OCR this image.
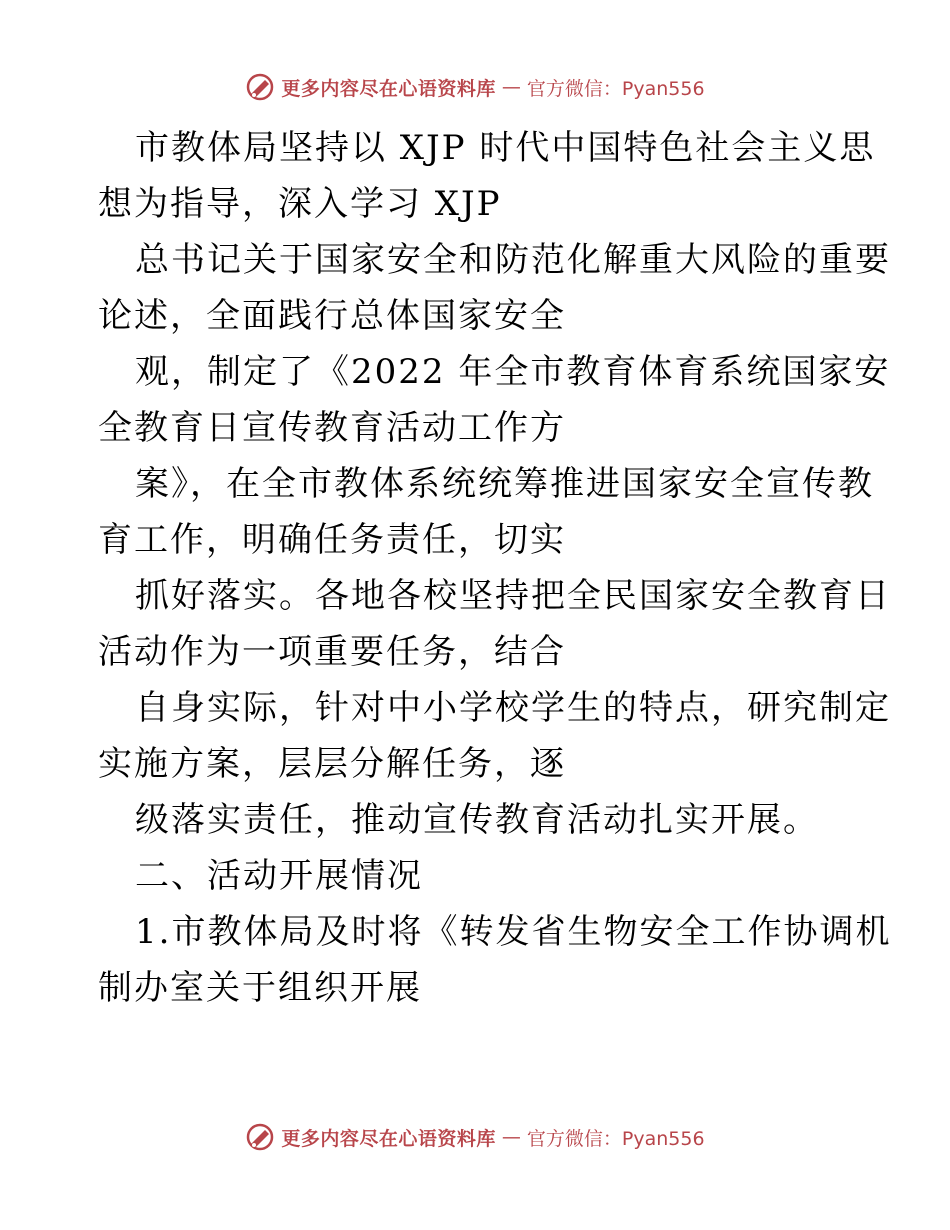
更多内容尽在心语资料库 — 官方微信：Pyan556
市教体局坚持以 XJP 时代中国特色社会主义思
想为指导，深入学习 XJP
总书记关于国家安全和防范化解重大风险的重要
论述，全面践行总体国家安全
观，制定了《2022 年全市教育体育系统国家安
全教育日宣传教育活动工作方
案》，在全市教体系统统筹推进国家安全宣传教
育工作，明确任务责任，切实
抓好落实。各地各校坚持把全民国家安全教育日
活动作为一项重要任务，结合
自身实际，针对中小学校学生的特点，研究制定
实施方案，层层分解任务，逐
级落实责任，推动宣传教育活动扎实开展。
二、活动开展情况
1.市教体局及时将《转发省生物安全工作协调机
制办室关于组织开展
更多内容尽在心语资料库 — 官方微信：Pyan556
